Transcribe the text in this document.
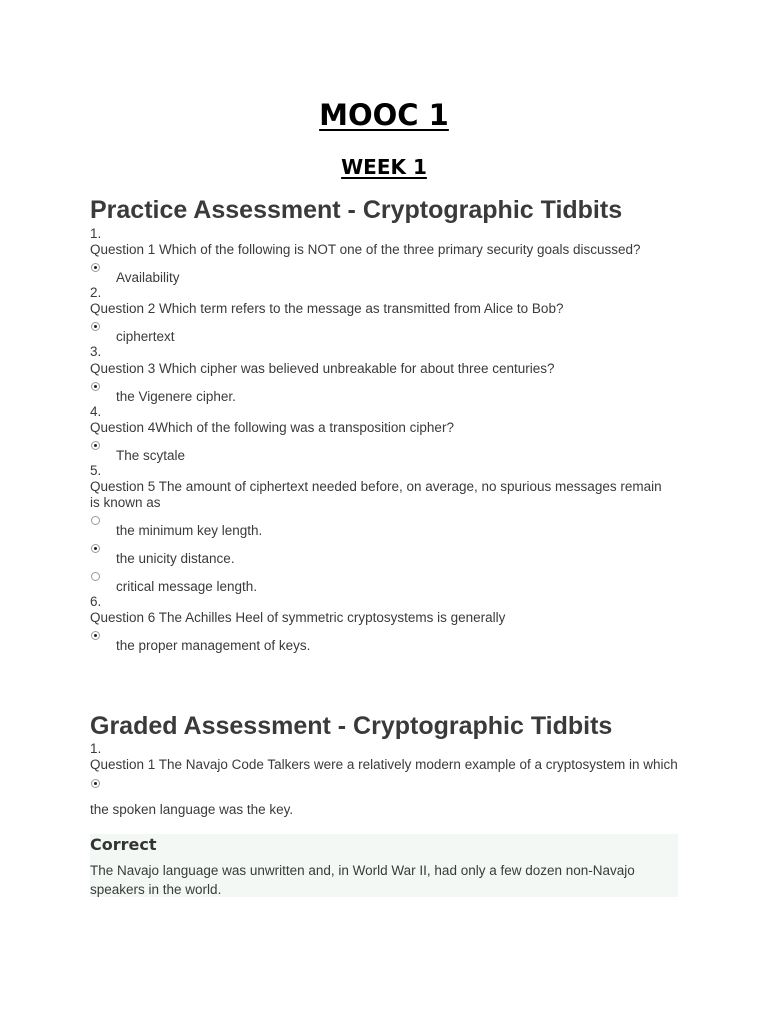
MOOC 1
WEEK 1
Practice Assessment - Cryptographic Tidbits
1.
Question 1 Which of the following is NOT one of the three primary security goals discussed?
Availability
2.
Question 2 Which term refers to the message as transmitted from Alice to Bob?
ciphertext
3.
Question 3 Which cipher was believed unbreakable for about three centuries?
the Vigenere cipher.
4.
Question 4Which of the following was a transposition cipher?
The scytale
5.
Question 5 The amount of ciphertext needed before, on average, no spurious messages remain is known as
the minimum key length.
the unicity distance.
critical message length.
6.
Question 6 The Achilles Heel of symmetric cryptosystems is generally
the proper management of keys.
Graded Assessment - Cryptographic Tidbits
1.
Question 1 The Navajo Code Talkers were a relatively modern example of a cryptosystem in which
the spoken language was the key.
Correct
The Navajo language was unwritten and, in World War II, had only a few dozen non-Navajo speakers in the world.
